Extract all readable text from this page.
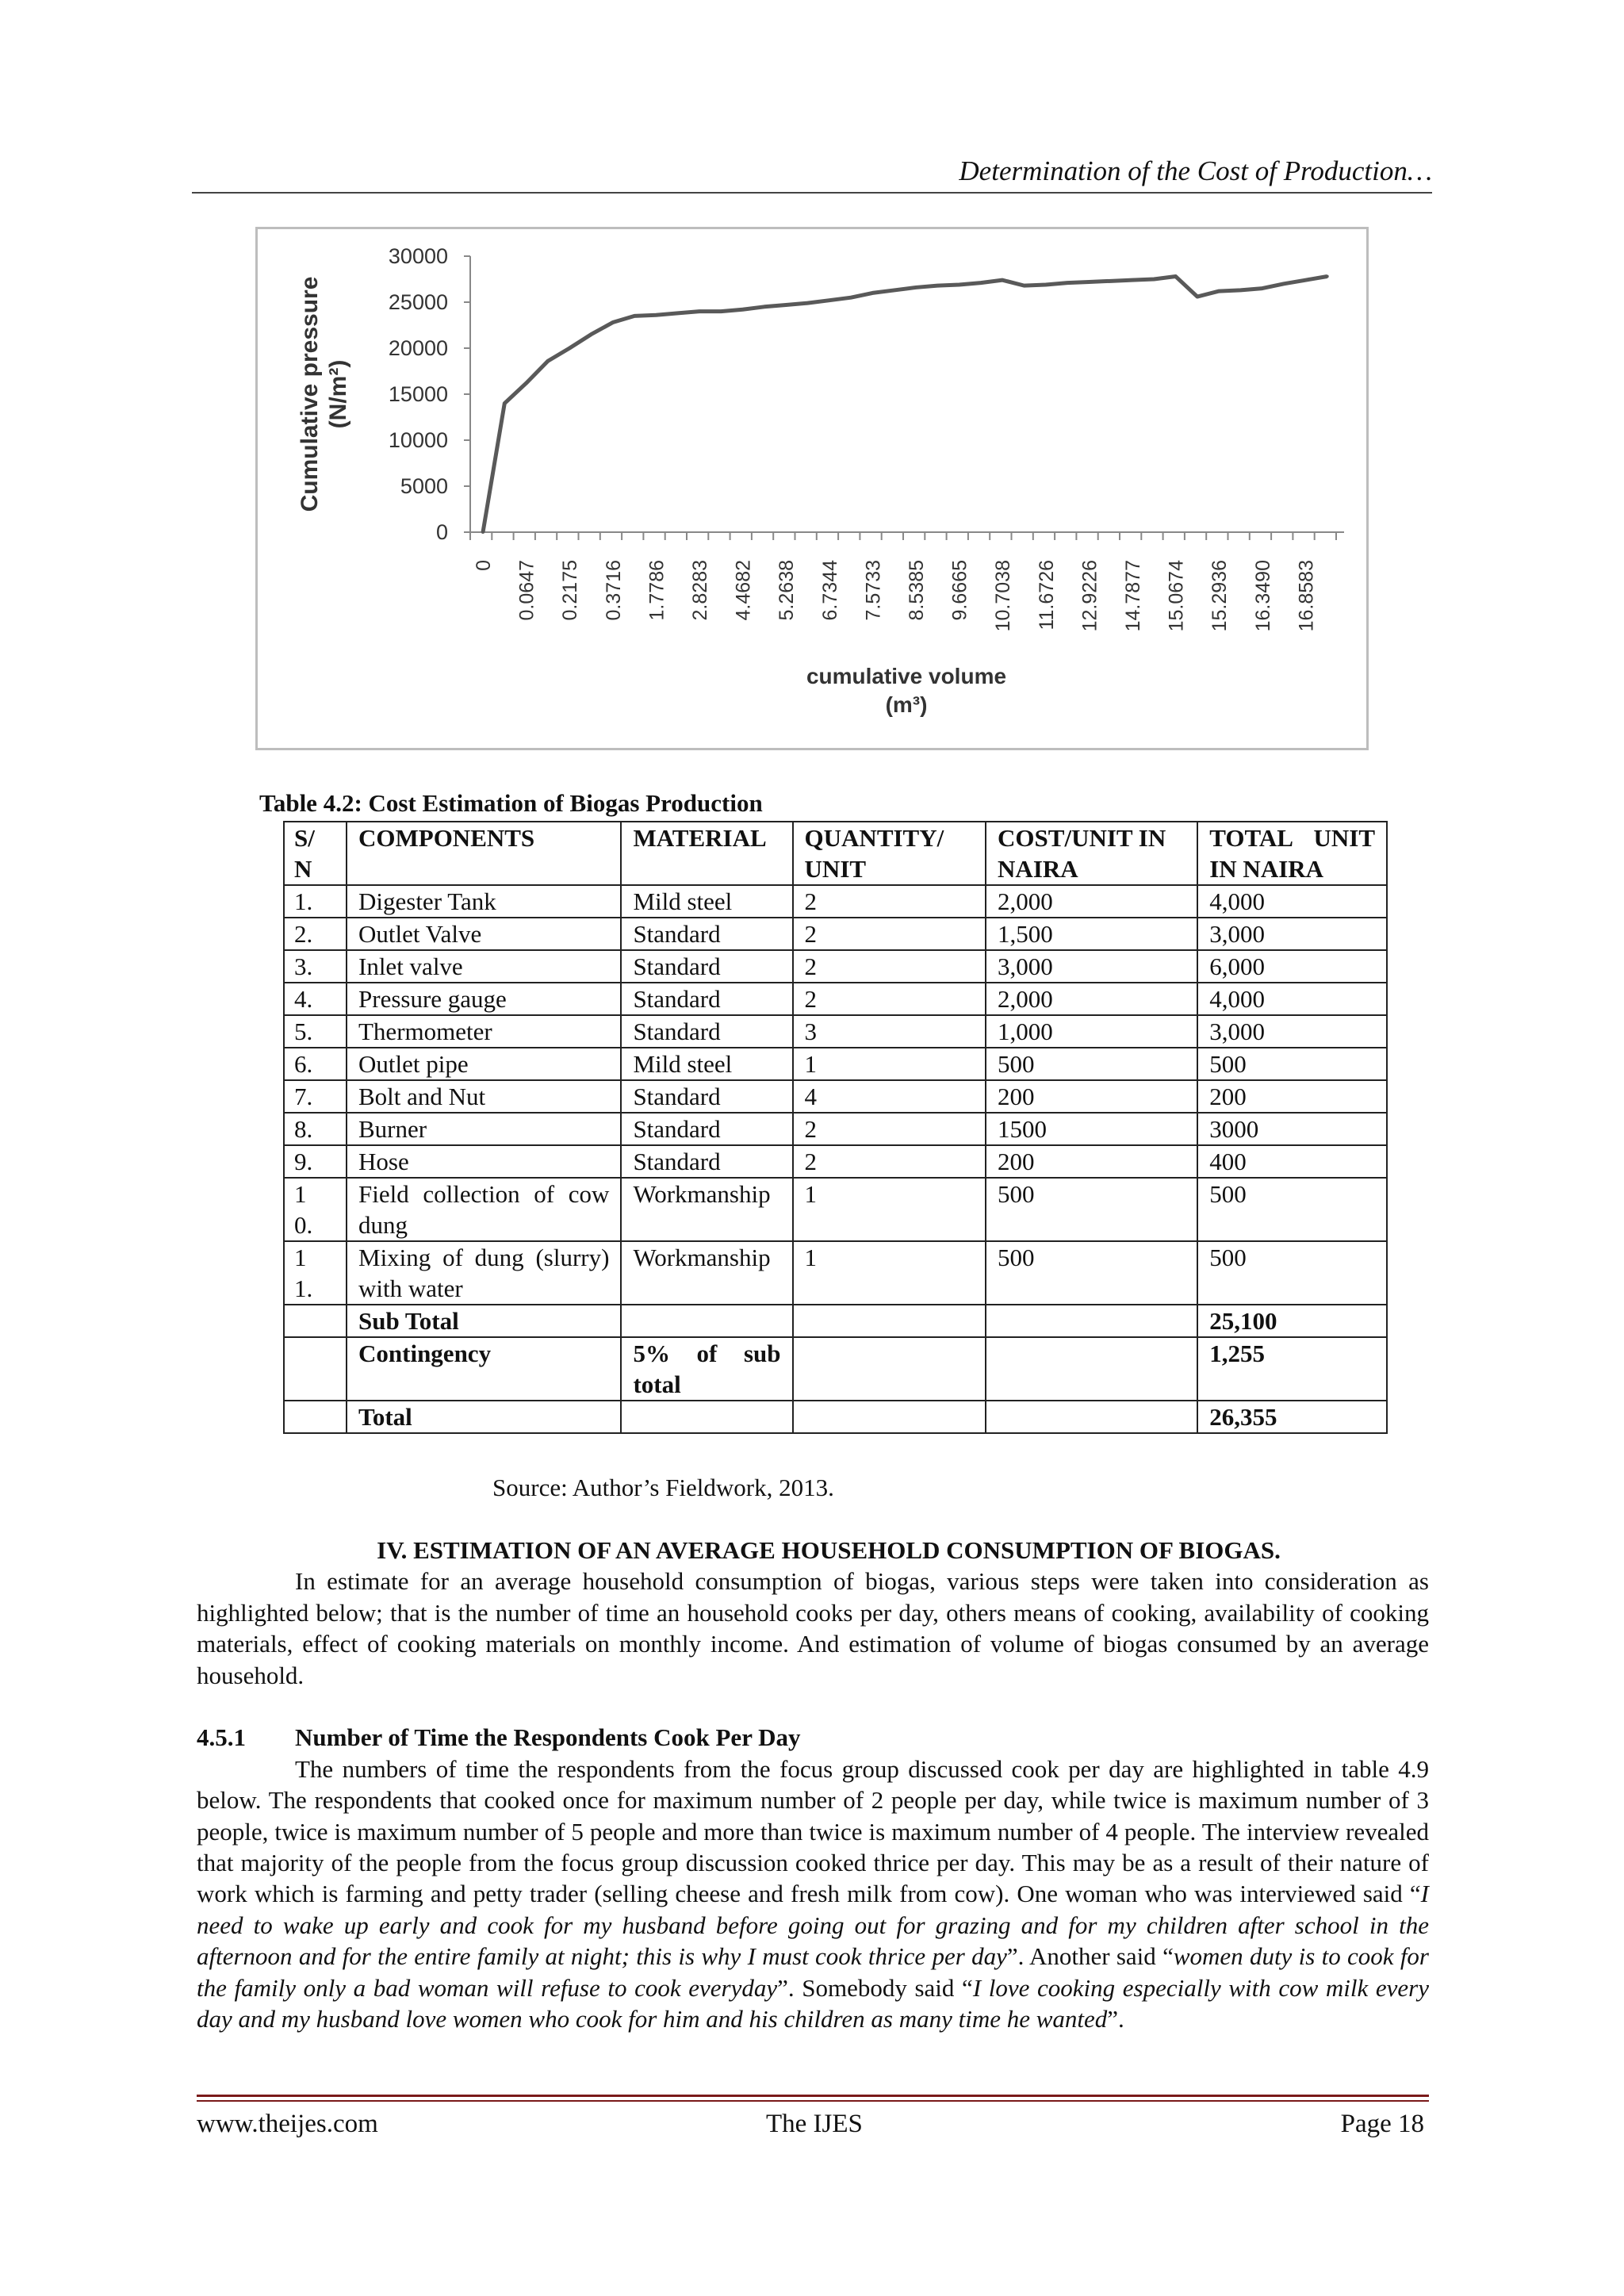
Determination of the Cost of Production…
0
5000
10000
15000
20000
25000
30000
0 0.0647 0.2175 0.3716 1.7786 2.8283 4.4682 5.2638 6.7344 7.5733 8.5385 9.6665 10.7038 11.6726 12.9226 14.7877 15.0674 15.2936 16.3490 16.8583
cumulative volume
(m³)
Cumulative pressure (N/m²)
Table 4.2: Cost Estimation of Biogas Production
S/ N	COMPONENTS	MATERIAL	QUANTITY/ UNIT	COST/UNIT IN NAIRA	TOTAL UNIT IN NAIRA
1.	Digester Tank	Mild steel	2	2,000	4,000
2.	Outlet Valve	Standard	2	1,500	3,000
3.	Inlet valve	Standard	2	3,000	6,000
4.	Pressure gauge	Standard	2	2,000	4,000
5.	Thermometer	Standard	3	1,000	3,000
6.	Outlet pipe	Mild steel	1	500	500
7.	Bolt and Nut	Standard	4	200	200
8.	Burner	Standard	2	1500	3000
9.	Hose	Standard	2	200	400
10.	Field collection of cow dung	Workmanship	1	500	500
11.	Mixing of dung (slurry) with water	Workmanship	1	500	500
	Sub Total				25,100
	Contingency	5% of sub total			1,255
	Total				26,355
Source: Author’s Fieldwork, 2013.

IV. ESTIMATION OF AN AVERAGE HOUSEHOLD CONSUMPTION OF BIOGAS.

In estimate for an average household consumption of biogas, various steps were taken into consideration as highlighted below; that is the number of time an household cooks per day, others means of cooking, availability of cooking materials, effect of cooking materials on monthly income. And estimation of volume of biogas consumed by an average household.

4.5.1 Number of Time the Respondents Cook Per Day

The numbers of time the respondents from the focus group discussed cook per day are highlighted in table 4.9 below. The respondents that cooked once for maximum number of 2 people per day, while twice is maximum number of 3 people, twice is maximum number of 5 people and more than twice is maximum number of 4 people. The interview revealed that majority of the people from the focus group discussion cooked thrice per day. This may be as a result of their nature of work which is farming and petty trader (selling cheese and fresh milk from cow). One woman who was interviewed said “I need to wake up early and cook for my husband before going out for grazing and for my children after school in the afternoon and for the entire family at night; this is why I must cook thrice per day”. Another said “women duty is to cook for the family only a bad woman will refuse to cook everyday”. Somebody said “I love cooking especially with cow milk every day and my husband love women who cook for him and his children as many time he wanted”.

www.theijes.com	The IJES	Page 18
